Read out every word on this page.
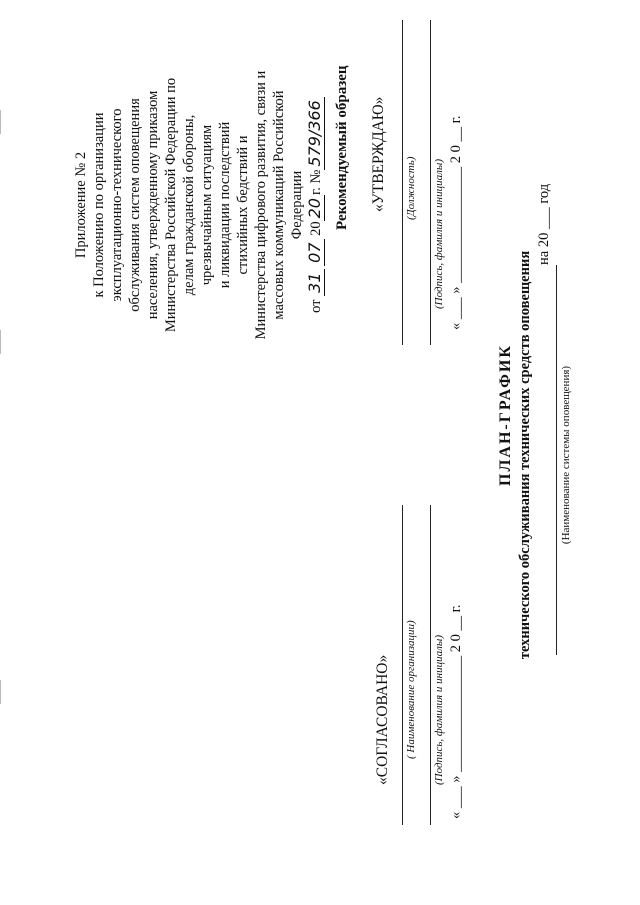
Приложение № 2 к Положению по организации эксплуатационно-технического обслуживания систем оповещения населения, утвержденному приказом Министерства Российской Федерации по делам гражданской обороны, чрезвычайным ситуациям и ликвидации последствий стихийных бедствий и Министерства цифрового развития, связи и массовых коммуникаций Российской Федерации
от 31 07 2020г. №579/366 Рекомендуемый образец «УТВЕРЖДАЮ» (Должность) (Подпись, фамилия и инициалы) « ___ » ________________ 2 0 __ г.
«СОГЛАСОВАНО» ( Наименование организации) (Подпись, фамилия и инициалы) « ___ » ________________ 2 0 __ г.
ПЛАН-ГРАФИК технического обслуживания технических средств оповещения
на 20 ___ год
(Наименование системы оповещения)
